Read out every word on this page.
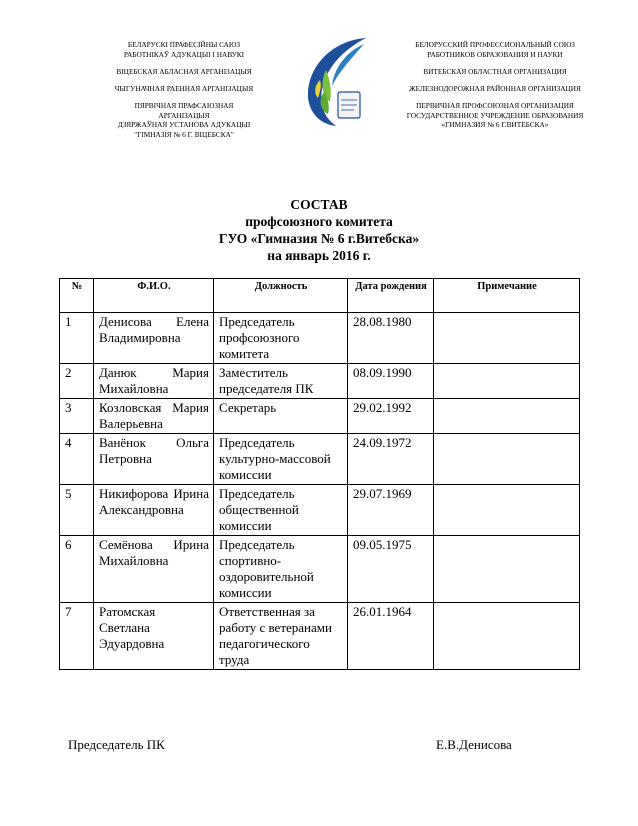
БЕЛАРУСКІ ПРАФЕСІЙНЫ САЮЗ

РАБОТНІКАЎ АДУКАЦЫІ І НАВУКІ

ВІЦЕБСКАЯ АБЛАСНАЯ АРГАНІЗАЦЫЯ

ЧЫГУНАЧНАЯ РАЕННАЯ АРГАНІЗАЦЫЯ

ПЯРВІЧНАЯ ПРАФСАЮЗНАЯ

АРГАНІЗАЦЫЯ

ДЗЯРЖАЎНАЯ УСТАНОВА АДУКАЦЫІ

"ГІМНАЗІЯ № 6 Г. ВІЦЕБСКА"

БЕЛОРУССКИЙ ПРОФЕССИОНАЛЬНЫЙ СОЮЗ

РАБОТНИКОВ ОБРАЗОВАНИЯ И НАУКИ

ВИТЕБСКАЯ ОБЛАСТНАЯ ОРГАНИЗАЦИЯ

ЖЕЛЕЗНОДОРОЖНАЯ РАЙОННАЯ ОРГАНИЗАЦИЯ

ПЕРВИЧНАЯ ПРОФСОЮЗНАЯ ОРГАНИЗАЦИЯ

ГОСУДАРСТВЕННОЕ УЧРЕЖДЕНИЕ ОБРАЗОВАНИЯ

«ГИМНАЗИЯ № 6 Г.ВИТЕБСКА»

СОСТАВ
профсоюзного комитета
ГУО «Гимназия № 6 г.Витебска»
на январь 2016 г.
№	Ф.И.О.	Должность	Дата рождения	Примечание
1	Денисова Елена Владимировна	Председатель профсоюзного комитета	28.08.1980	
2	Данюк Мария Михайловна	Заместитель председателя ПК	08.09.1990	
3	Козловская Мария Валерьевна	Секретарь	29.02.1992	
4	Ванёнок Ольга Петровна	Председатель культурно-массовой комиссии	24.09.1972	
5	Никифорова Ирина Александровна	Председатель общественной комиссии	29.07.1969	
6	Семёнова Ирина Михайловна	Председатель спортивно-оздоровительной комиссии	09.05.1975	
7	Ратомская Светлана Эдуардовна	Ответственная за работу с ветеранами педагогического труда	26.01.1964	
Председатель ПК	Е.В.Денисова
